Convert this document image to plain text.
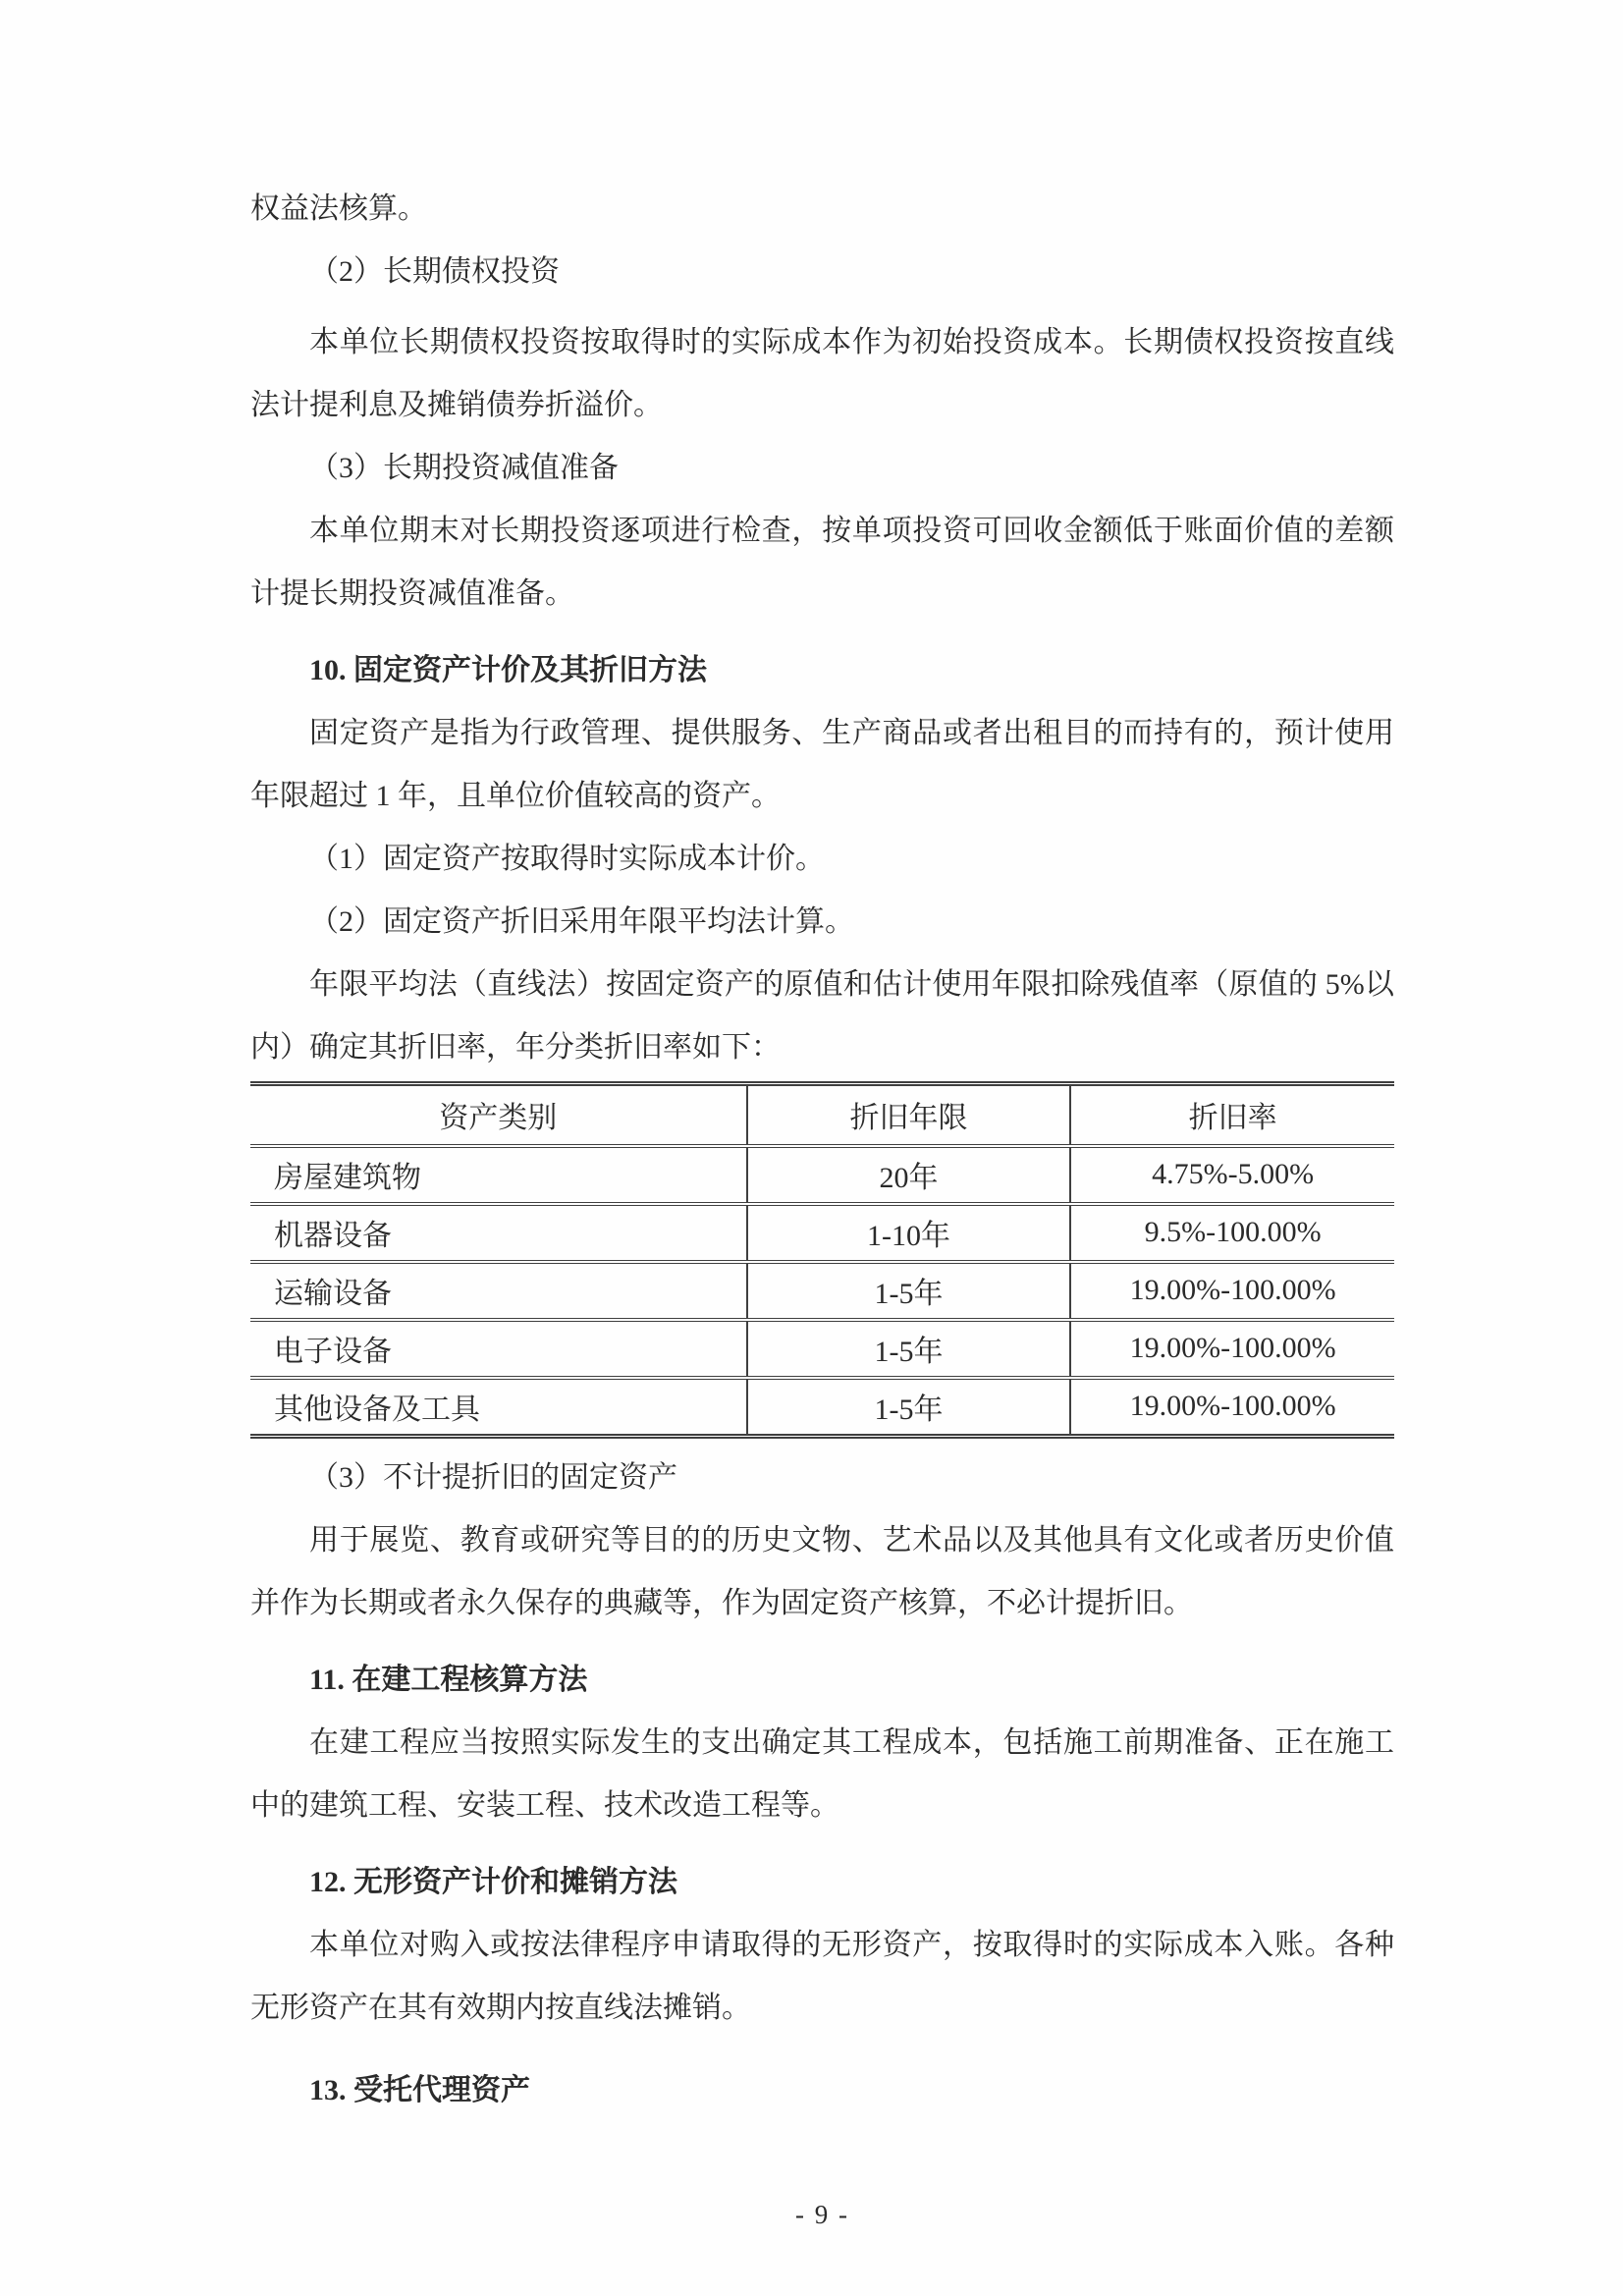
权益法核算。

（2）长期债权投资

本单位长期债权投资按取得时的实际成本作为初始投资成本。长期债权投资按直线法计提利息及摊销债券折溢价。

（3）长期投资减值准备

本单位期末对长期投资逐项进行检查，按单项投资可回收金额低于账面价值的差额计提长期投资减值准备。

10. 固定资产计价及其折旧方法

固定资产是指为行政管理、提供服务、生产商品或者出租目的而持有的，预计使用年限超过 1 年，且单位价值较高的资产。

（1）固定资产按取得时实际成本计价。

（2）固定资产折旧采用年限平均法计算。

年限平均法（直线法）按固定资产的原值和估计使用年限扣除残值率（原值的 5%以内）确定其折旧率，年分类折旧率如下：

资产类别	折旧年限	折旧率
房屋建筑物	20年	4.75%-5.00%
机器设备	1-10年	9.5%-100.00%
运输设备	1-5年	19.00%-100.00%
电子设备	1-5年	19.00%-100.00%
其他设备及工具	1-5年	19.00%-100.00%

（3）不计提折旧的固定资产

用于展览、教育或研究等目的的历史文物、艺术品以及其他具有文化或者历史价值并作为长期或者永久保存的典藏等，作为固定资产核算，不必计提折旧。

11. 在建工程核算方法

在建工程应当按照实际发生的支出确定其工程成本，包括施工前期准备、正在施工中的建筑工程、安装工程、技术改造工程等。

12. 无形资产计价和摊销方法

本单位对购入或按法律程序申请取得的无形资产，按取得时的实际成本入账。各种无形资产在其有效期内按直线法摊销。

13. 受托代理资产

- 9 -
